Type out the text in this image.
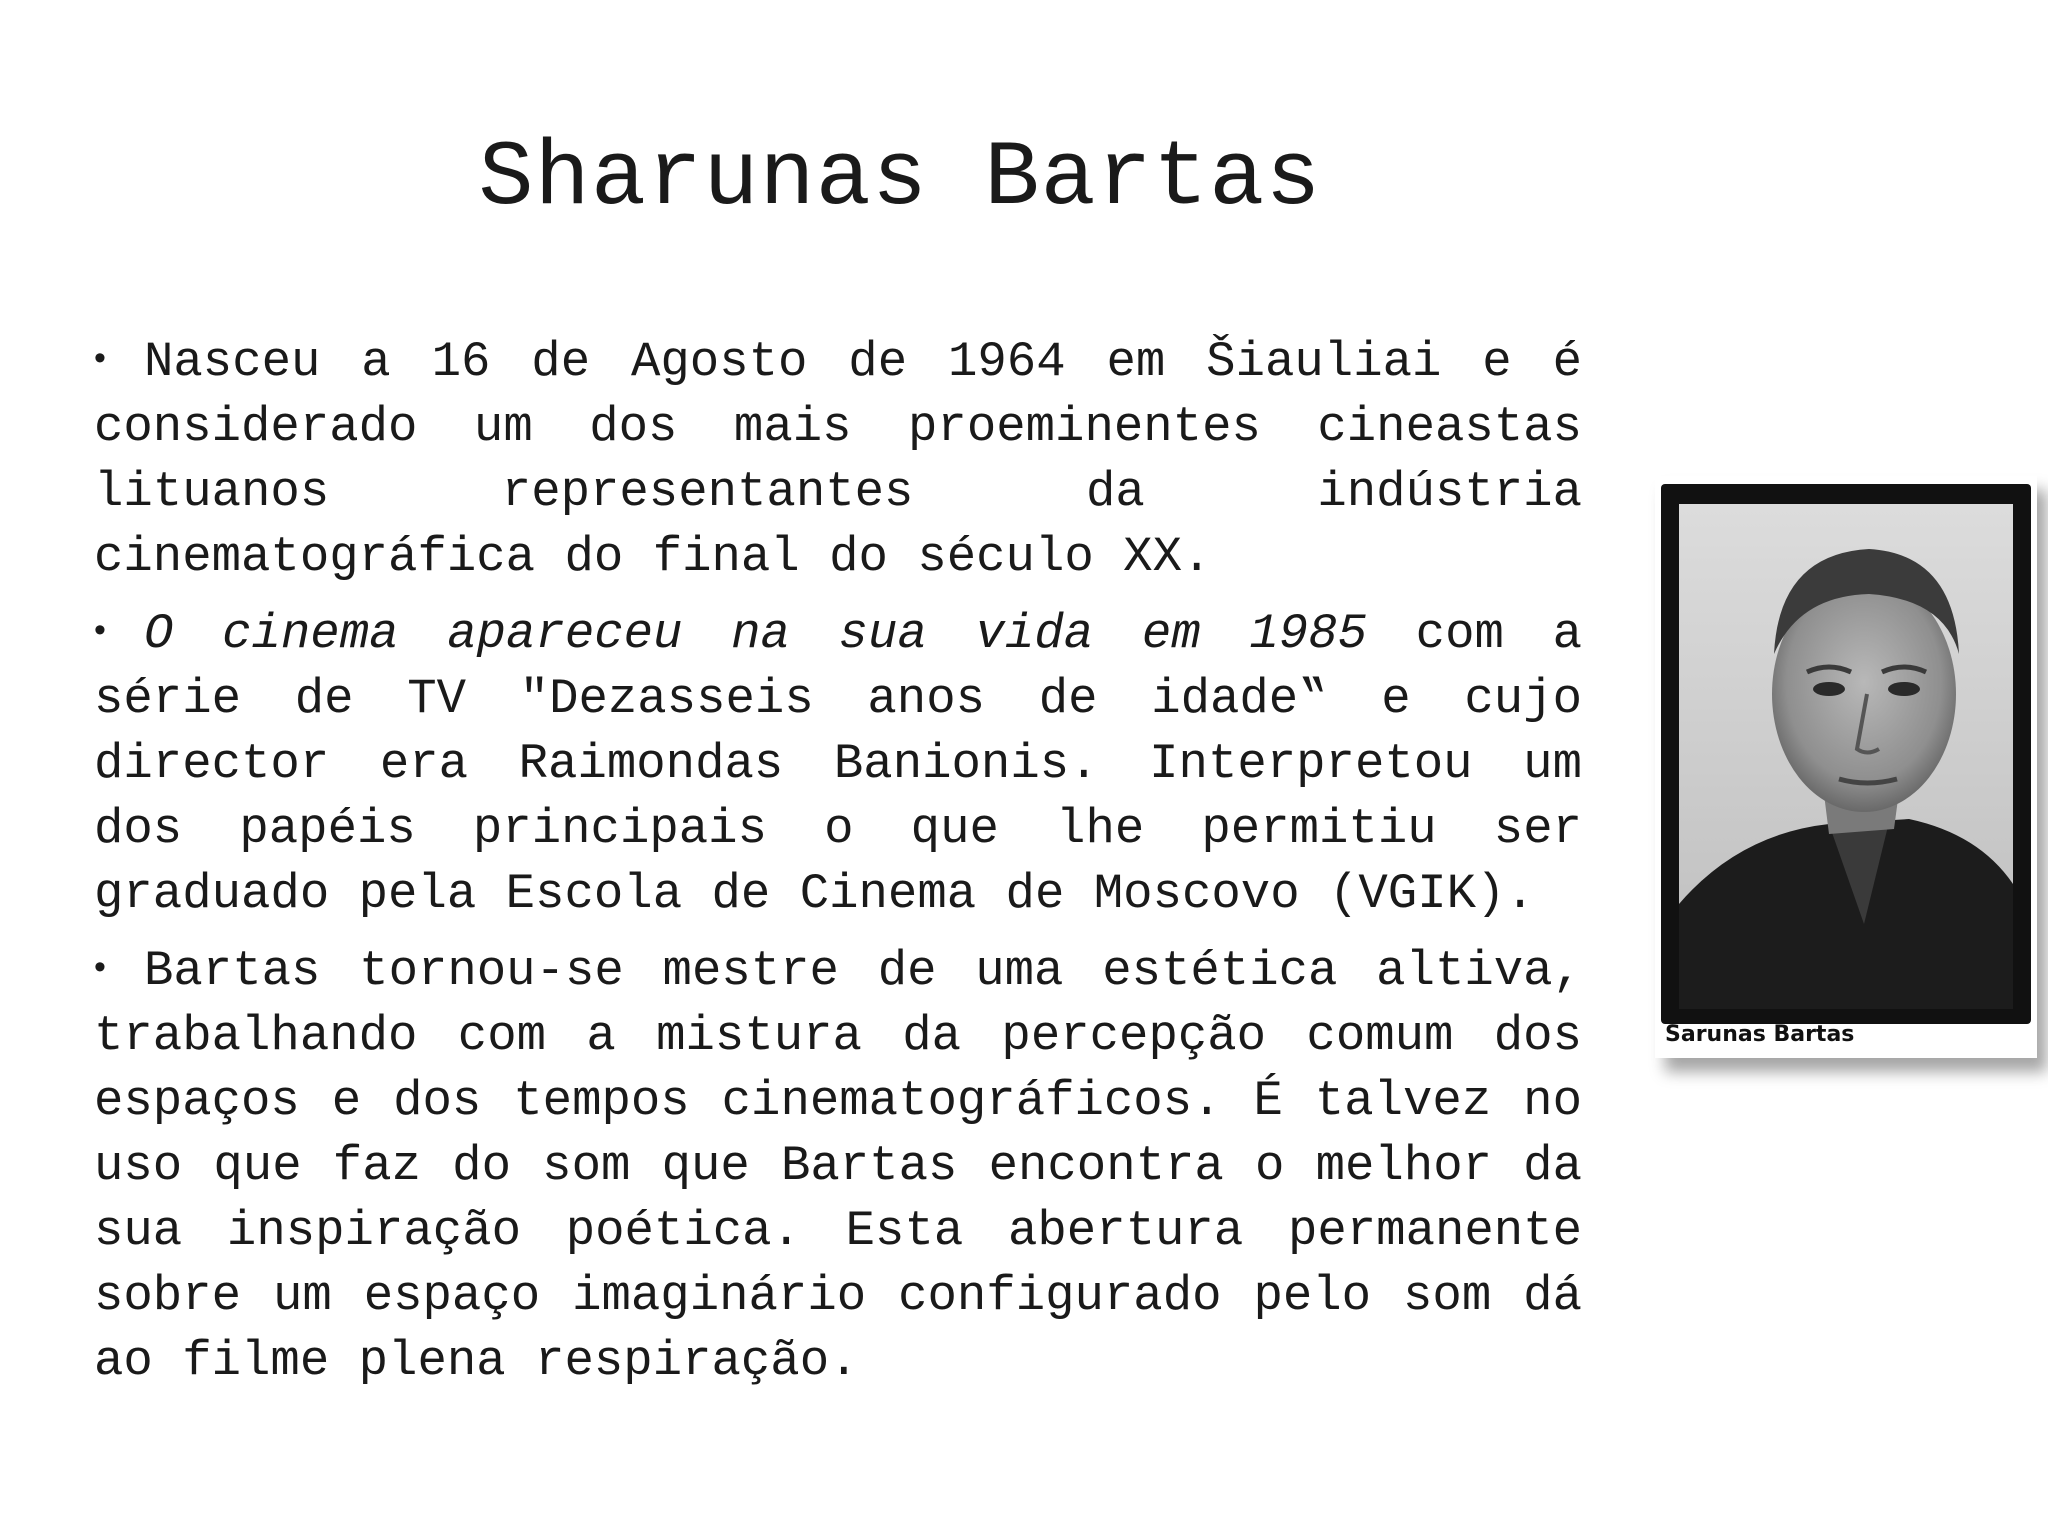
Sharunas Bartas

• Nasceu a 16 de Agosto de 1964 em Šiauliai e é considerado um dos mais proeminentes cineastas lituanos representantes da indústria cinematográfica do final do século XX.

• O cinema apareceu na sua vida em 1985 com a série de TV "Dezasseis anos de idade‟ e cujo director era Raimondas Banionis. Interpretou um dos papéis principais o que lhe permitiu ser graduado pela Escola de Cinema de Moscovo (VGIK).

• Bartas tornou-se mestre de uma estética altiva, trabalhando com a mistura da percepção comum dos espaços e dos tempos cinematográficos. É talvez no uso que faz do som que Bartas encontra o melhor da sua inspiração poética. Esta abertura permanente sobre um espaço imaginário configurado pelo som dá ao filme plena respiração.

Sarunas Bartas
